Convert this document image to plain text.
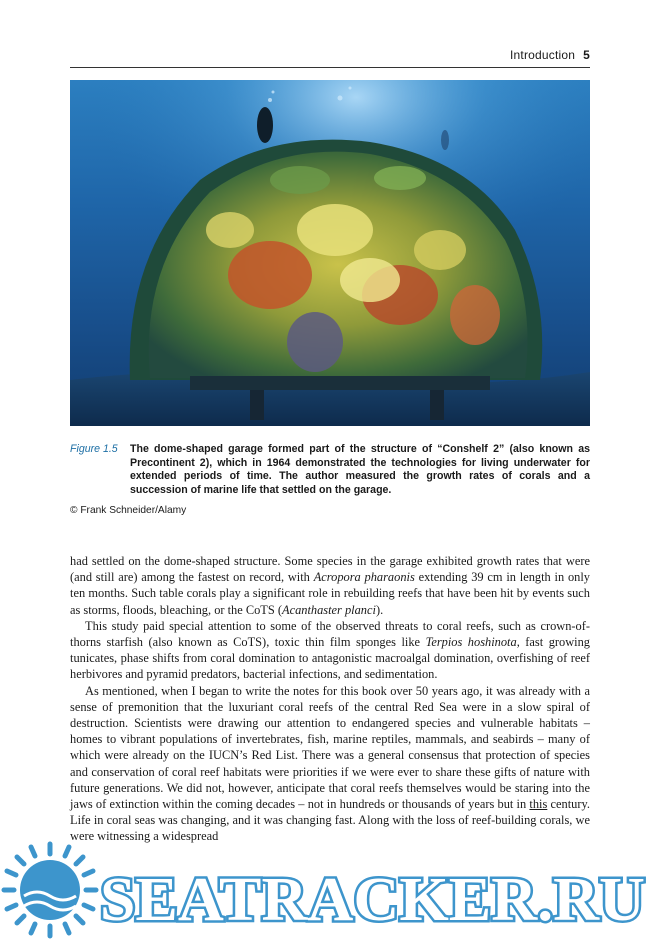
Introduction 5
Figure 1.5 The dome-shaped garage formed part of the structure of “Conshelf 2” (also known as Precontinent 2), which in 1964 demonstrated the technologies for living underwater for extended periods of time. The author measured the growth rates of corals and a succession of marine life that settled on the garage.
© Frank Schneider/Alamy

had settled on the dome-shaped structure. Some species in the garage exhibited growth rates that were (and still are) among the fastest on record, with Acropora pharaonis extending 39 cm in length in only ten months. Such table corals play a significant role in rebuilding reefs that have been hit by events such as storms, floods, bleaching, or the CoTS (Acanthaster planci).

This study paid special attention to some of the observed threats to coral reefs, such as crown-of-thorns starfish (also known as CoTS), toxic thin film sponges like Terpios hoshinota, fast growing tunicates, phase shifts from coral domination to antagonistic macroalgal domination, overfishing of reef herbivores and pyramid predators, bacterial infections, and sedimentation.

As mentioned, when I began to write the notes for this book over 50 years ago, it was already with a sense of premonition that the luxuriant coral reefs of the central Red Sea were in a slow spiral of destruction. Scientists were drawing our attention to endangered species and vulnerable habitats – homes to vibrant populations of invertebrates, fish, marine reptiles, mammals, and seabirds – many of which were already on the IUCN’s Red List. There was a general consensus that protection of species and conservation of coral reef habitats were priorities if we were ever to share these gifts of nature with future generations. We did not, however, anticipate that coral reefs themselves would be staring into the jaws of extinction within the coming decades – not in hundreds or thousands of years but in this century. Life in coral seas was changing, and it was changing fast. Along with the loss of reef-building corals, we were witnessing a widespread

SEATRACKER.RU
